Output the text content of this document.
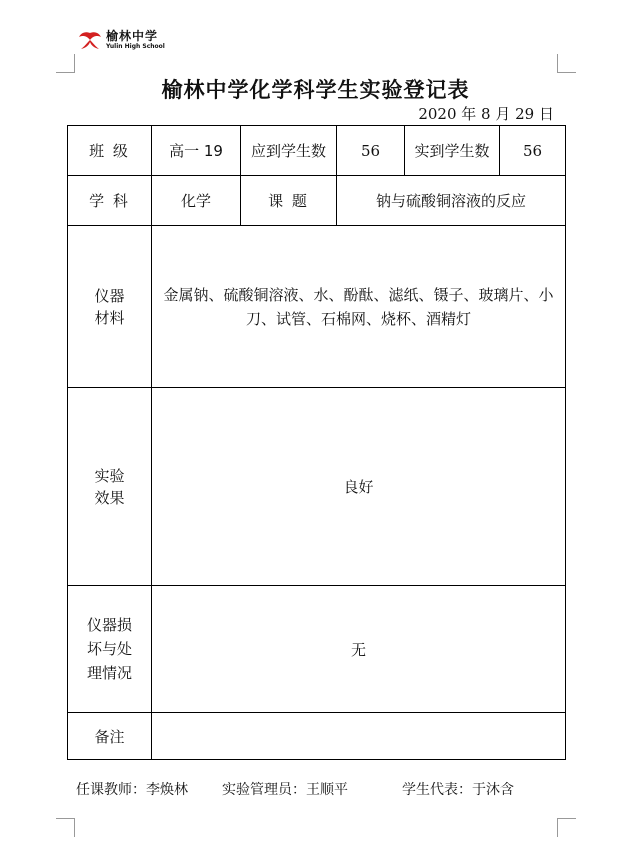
榆林中学
Yulin High School
榆林中学化学科学生实验登记表
2020 年 8 月 29 日
班 级	高一 19	应到学生数	56	实到学生数	56
学 科	化学	课 题	钠与硫酸铜溶液的反应		
仪器
材料	金属钠、硫酸铜溶液、水、酚酞、滤纸、镊子、玻璃片、小刀、试管、石棉网、烧杯、酒精灯				
实验
效果	良好				
仪器损
坏与处
理情况	无				
备注					
任课教师：李焕林	实验管理员：王顺平	学生代表：于沐含
